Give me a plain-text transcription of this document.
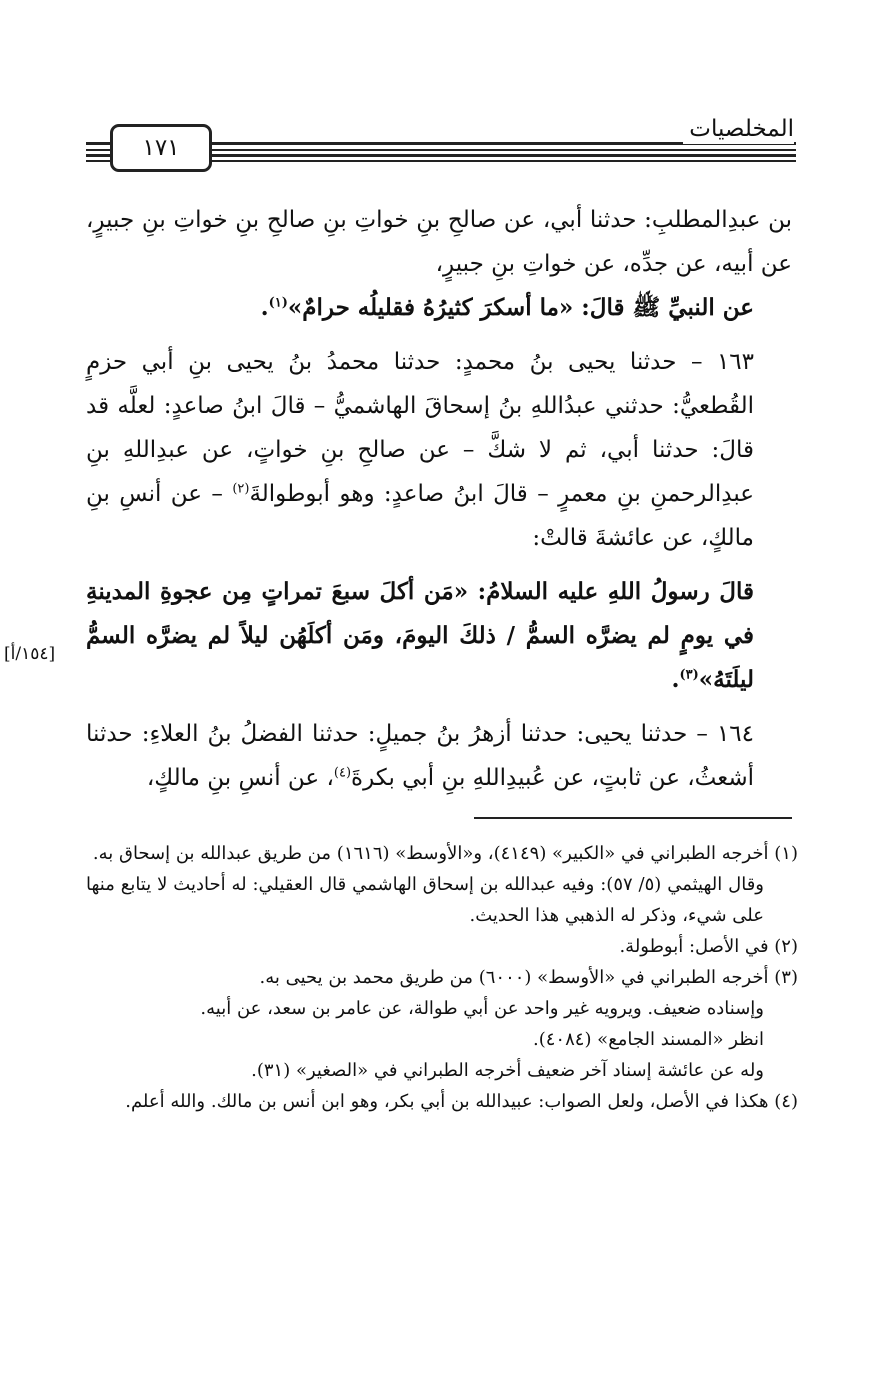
المخلصيات
١٧١

بن عبدِالمطلبِ: حدثنا أبي، عن صالحِ بنِ خواتِ بنِ صالحِ بنِ خواتِ بنِ جبيرٍ، عن أبيه، عن جدِّه، عن خواتِ بنِ جبيرٍ،

عن النبيِّ ﷺ قالَ: «ما أسكرَ كثيرُهُ فقليلُه حرامٌ»$^{(١)}$.

١٦٣ – حدثنا يحيى بنُ محمدٍ: حدثنا محمدُ بنُ يحيى بنِ أبي حزمٍ القُطعيُّ: حدثني عبدُاللهِ بنُ إسحاقَ الهاشميُّ – قالَ ابنُ صاعدٍ: لعلَّه قد قالَ: حدثنا أبي، ثم لا شكَّ – عن صالحِ بنِ خواتٍ، عن عبدِاللهِ بنِ عبدِالرحمنِ بنِ معمرٍ – قالَ ابنُ صاعدٍ: وهو أبوطوالةَ$^{(٢)}$ – عن أنسِ بنِ مالكٍ، عن عائشةَ قالتْ:

قالَ رسولُ اللهِ عليه السلامُ: «مَن أكلَ سبعَ تمراتٍ مِن عجوةِ المدينةِ في يومٍ لم يضرَّه السمُّ / ذلكَ اليومَ، ومَن أكلَهُن ليلاً لم يضرَّه السمُّ ليلَتَهُ»$^{(٣)}$.

١٦٤ – حدثنا يحيى: حدثنا أزهرُ بنُ جميلٍ: حدثنا الفضلُ بنُ العلاءِ: حدثنا أشعثُ، عن ثابتٍ، عن عُبيدِاللهِ بنِ أبي بكرةَ$^{(٤)}$، عن أنسِ بنِ مالكٍ،

[١٥٤/أ]

(١) أخرجه الطبراني في «الكبير» (٤١٤٩)، و«الأوسط» (١٦١٦) من طريق عبدالله بن إسحاق به.

وقال الهيثمي (٥/ ٥٧): وفيه عبدالله بن إسحاق الهاشمي قال العقيلي: له أحاديث لا يتابع منها على شيء، وذكر له الذهبي هذا الحديث.

(٢) في الأصل: أبوطولة.

(٣) أخرجه الطبراني في «الأوسط» (٦٠٠٠) من طريق محمد بن يحيى به.

وإسناده ضعيف. ويرويه غير واحد عن أبي طوالة، عن عامر بن سعد، عن أبيه.

انظر «المسند الجامع» (٤٠٨٤).

وله عن عائشة إسناد آخر ضعيف أخرجه الطبراني في «الصغير» (٣١).

(٤) هكذا في الأصل، ولعل الصواب: عبيدالله بن أبي بكر، وهو ابن أنس بن مالك. والله أعلم.
